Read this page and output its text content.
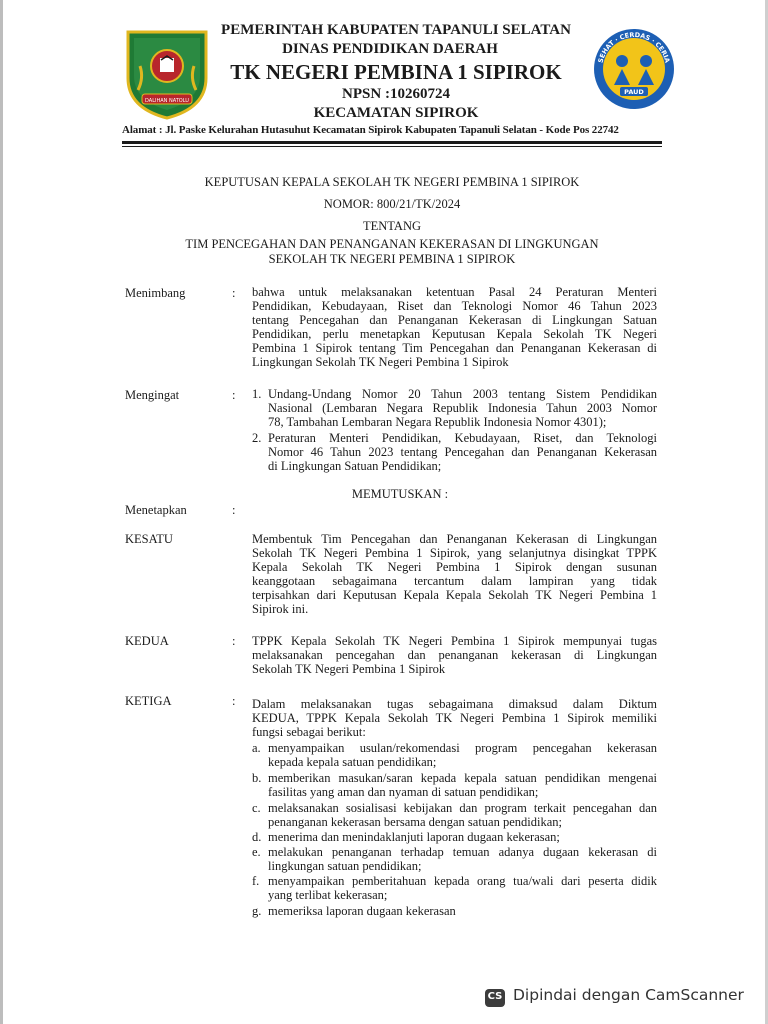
DALIHAN NATOLU
SEHAT · CERDAS · CERIA
PAUD
PEMERINTAH KABUPATEN TAPANULI SELATAN
DINAS PENDIDIKAN DAERAH
TK NEGERI PEMBINA 1 SIPIROK
NPSN :10260724
KECAMATAN SIPIROK
Alamat : Jl. Paske Kelurahan Hutasuhut Kecamatan Sipirok Kabupaten Tapanuli Selatan - Kode Pos 22742
KEPUTUSAN KEPALA SEKOLAH TK NEGERI PEMBINA 1 SIPIROK
NOMOR: 800/21/TK/2024
TENTANG
TIM PENCEGAHAN DAN PENANGANAN KEKERASAN DI LINGKUNGAN
SEKOLAH TK NEGERI PEMBINA 1 SIPIROK
Menimbang	: bahwa untuk melaksanakan ketentuan Pasal 24 Peraturan Menteri
Pendidikan, Kebudayaan, Riset dan Teknologi Nomor 46 Tahun 2023
tentang Pencegahan dan Penanganan Kekerasan di Lingkungan Satuan
Pendidikan, perlu menetapkan Keputusan Kepala Sekolah TK Negeri
Pembina 1 Sipirok tentang Tim Pencegahan dan Penanganan Kekerasan di
Lingkungan Sekolah TK Negeri Pembina 1 Sipirok
Mengingat	: 1. Undang-Undang Nomor 20 Tahun 2003 tentang Sistem Pendidikan
Nasional (Lembaran Negara Republik Indonesia Tahun 2003 Nomor
78, Tambahan Lembaran Negara Republik Indonesia Nomor 4301);
2. Peraturan Menteri Pendidikan, Kebudayaan, Riset, dan Teknologi
Nomor 46 Tahun 2023 tentang Pencegahan dan Penanganan Kekerasan
di Lingkungan Satuan Pendidikan;
MEMUTUSKAN :
Menetapkan	:
KESATU	Membentuk Tim Pencegahan dan Penanganan Kekerasan di Lingkungan
Sekolah TK Negeri Pembina 1 Sipirok, yang selanjutnya disingkat TPPK
Kepala Sekolah TK Negeri Pembina 1 Sipirok dengan susunan
keanggotaan sebagaimana tercantum dalam lampiran yang tidak
terpisahkan dari Keputusan Kepala Kepala Sekolah TK Negeri Pembina 1
Sipirok ini.
KEDUA	: TPPK Kepala Sekolah TK Negeri Pembina 1 Sipirok mempunyai tugas
melaksanakan pencegahan dan penanganan kekerasan di Lingkungan
Sekolah TK Negeri Pembina 1 Sipirok
KETIGA	: Dalam melaksanakan tugas sebagaimana dimaksud dalam Diktum
KEDUA, TPPK Kepala Sekolah TK Negeri Pembina 1 Sipirok memiliki
fungsi sebagai berikut:
a. menyampaikan usulan/rekomendasi program pencegahan kekerasan
kepada kepala satuan pendidikan;
b. memberikan masukan/saran kepada kepala satuan pendidikan mengenai
fasilitas yang aman dan nyaman di satuan pendidikan;
c. melaksanakan sosialisasi kebijakan dan program terkait pencegahan dan
penanganan kekerasan bersama dengan satuan pendidikan;
d. menerima dan menindaklanjuti laporan dugaan kekerasan;
e. melakukan penanganan terhadap temuan adanya dugaan kekerasan di
lingkungan satuan pendidikan;
f. menyampaikan pemberitahuan kepada orang tua/wali dari peserta didik
yang terlibat kekerasan;
g. memeriksa laporan dugaan kekerasan
CS Dipindai dengan CamScanner
